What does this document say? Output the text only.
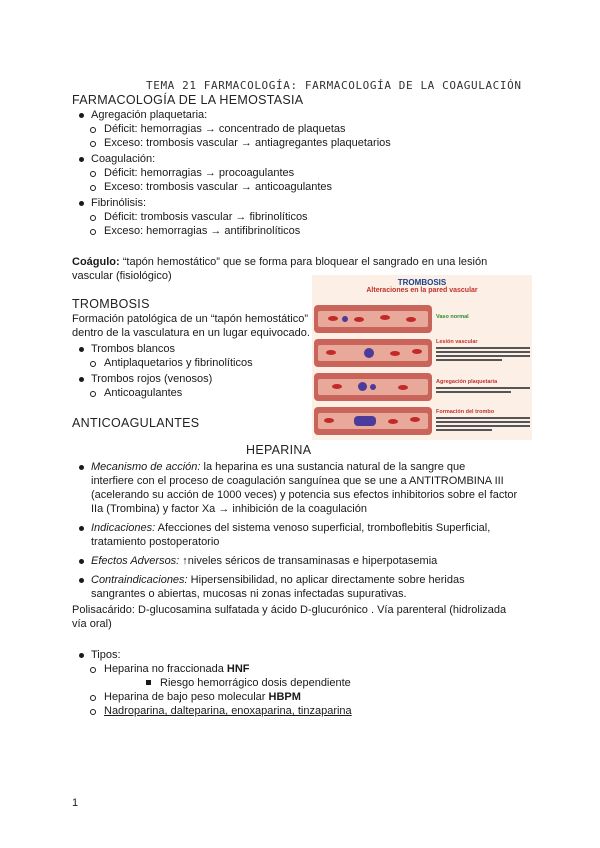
TEMA 21 FARMACOLOGÍA: FARMACOLOGÍA DE LA COAGULACIÓN
FARMACOLOGÍA DE LA HEMOSTASIA
Agregación plaquetaria:
Déficit: hemorragias → concentrado de plaquetas
Exceso: trombosis vascular → antiagregantes plaquetarios
Coagulación:
Déficit: hemorragias → procoagulantes
Exceso: trombosis vascular → anticoagulantes
Fibrinólisis:
Déficit: trombosis vascular → fibrinolíticos
Exceso: hemorragias → antifibrinolíticos
Coágulo: “tapón hemostático” que se forma para bloquear el sangrado en una lesión
vascular (fisiológico)
TROMBOSIS
Formación patológica de un “tapón hemostático”
dentro de la vasculatura en un lugar equivocado.
Trombos blancos
Antiplaquetarios y fibrinolíticos
Trombos rojos (venosos)
Anticoagulantes
TROMBOSIS
Alteraciones en la pared vascular
Vaso normal
Lesión vascular
Agregación plaquetaria
Formación del trombo
ANTICOAGULANTES
HEPARINA
Mecanismo de acción: la heparina es una sustancia natural de la sangre que
interfiere con el proceso de coagulación sanguínea que se une a ANTITROMBINA III
(acelerando su acción de 1000 veces) y potencia sus efectos inhibitorios sobre el factor
IIa (Trombina) y factor Xa → inhibición de la coagulación
Indicaciones: Afecciones del sistema venoso superficial, tromboflebitis Superficial,
tratamiento postoperatorio
Efectos Adversos: ↑niveles séricos de transaminasas e hiperpotasemia
Contraindicaciones: Hipersensibilidad, no aplicar directamente sobre heridas
sangrantes o abiertas, mucosas ni zonas infectadas supurativas.
Polisacárido: D-glucosamina sulfatada y ácido D-glucurónico . Vía parenteral (hidrolizada
vía oral)
Tipos:
Heparina no fraccionada HNF
Riesgo hemorrágico dosis dependiente
Heparina de bajo peso molecular HBPM
Nadroparina, dalteparina, enoxaparina, tinzaparina
1
